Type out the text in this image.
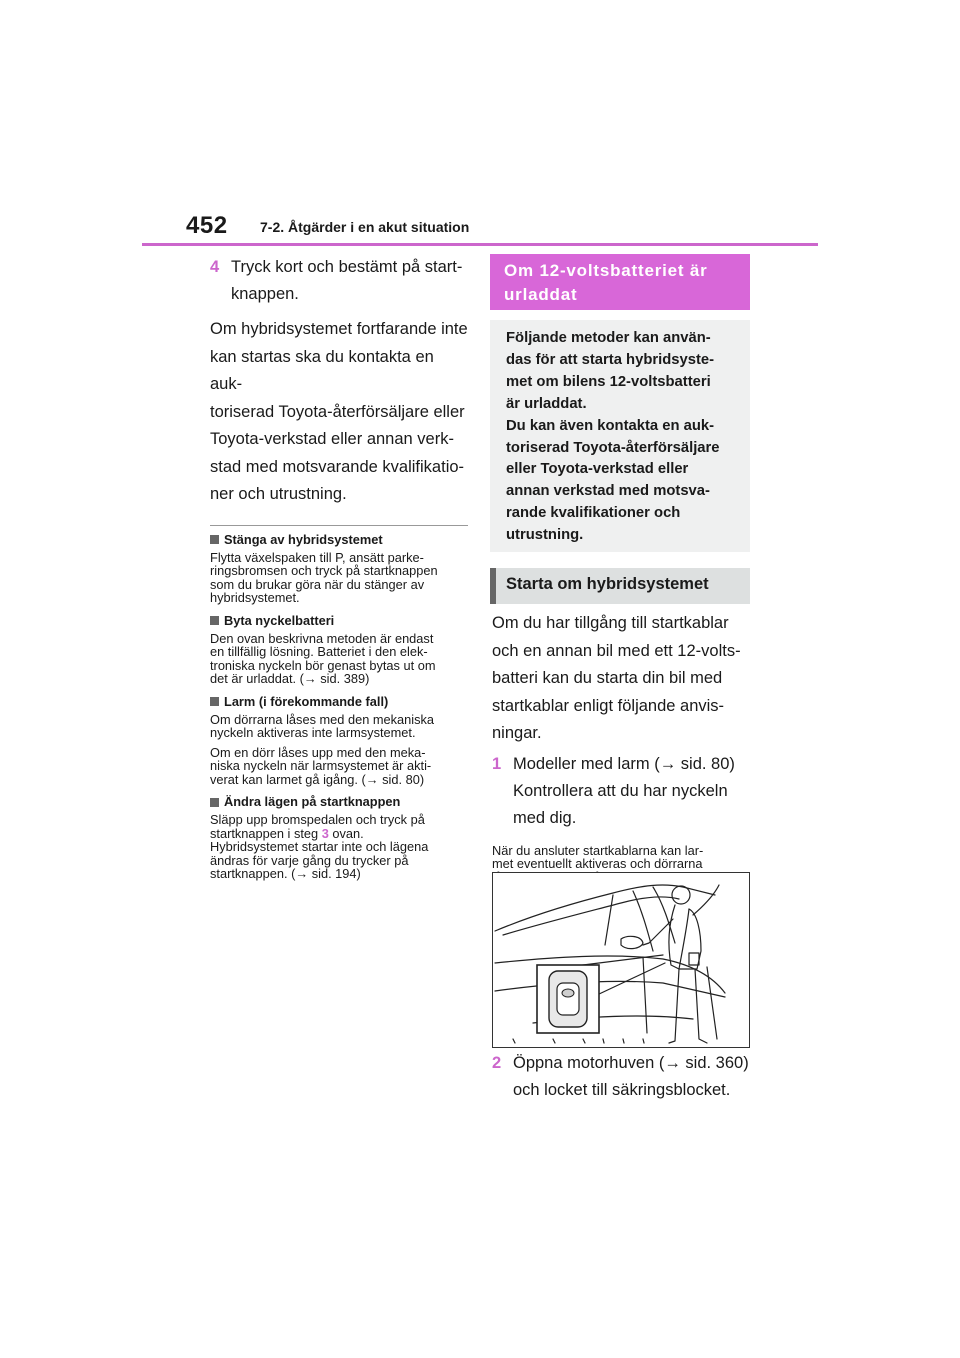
452 7-2. Åtgärder i en akut situation
4 Tryck kort och bestämt på start-
knappen.
Om hybridsystemet fortfarande inte
kan startas ska du kontakta en auk-
toriserad Toyota-återförsäljare eller
Toyota-verkstad eller annan verk-
stad med motsvarande kvalifikatio-
ner och utrustning.
Stänga av hybridsystemet
Flytta växelspaken till P, ansätt parke-
ringsbromsen och tryck på startknappen
som du brukar göra när du stänger av
hybridsystemet.
Byta nyckelbatteri
Den ovan beskrivna metoden är endast
en tillfällig lösning. Batteriet i den elek-
troniska nyckeln bör genast bytas ut om
det är urladdat. (→ sid. 389)
Larm (i förekommande fall)
Om dörrarna låses med den mekaniska
nyckeln aktiveras inte larmsystemet.
Om en dörr låses upp med den meka-
niska nyckeln när larmsystemet är akti-
verat kan larmet gå igång. (→ sid. 80)
Ändra lägen på startknappen
Släpp upp bromspedalen och tryck på
startknappen i steg 3 ovan.
Hybridsystemet startar inte och lägena
ändras för varje gång du trycker på
startknappen. (→ sid. 194)
Om 12-voltsbatteriet är
urladdat
Följande metoder kan använ-
das för att starta hybridsyste-
met om bilens 12-voltsbatteri
är urladdat.
Du kan även kontakta en auk-
toriserad Toyota-återförsäljare
eller Toyota-verkstad eller
annan verkstad med motsva-
rande kvalifikationer och
utrustning.
Starta om hybridsystemet
Om du har tillgång till startkablar
och en annan bil med ett 12-volts-
batteri kan du starta din bil med
startkablar enligt följande anvis-
ningar.
1 Modeller med larm (→ sid. 80)
Kontrollera att du har nyckeln
med dig.
När du ansluter startkablarna kan lar-
met eventuellt aktiveras och dörrarna
2 Öppna motorhuven (→ sid. 360)
och locket till säkringsblocket.
